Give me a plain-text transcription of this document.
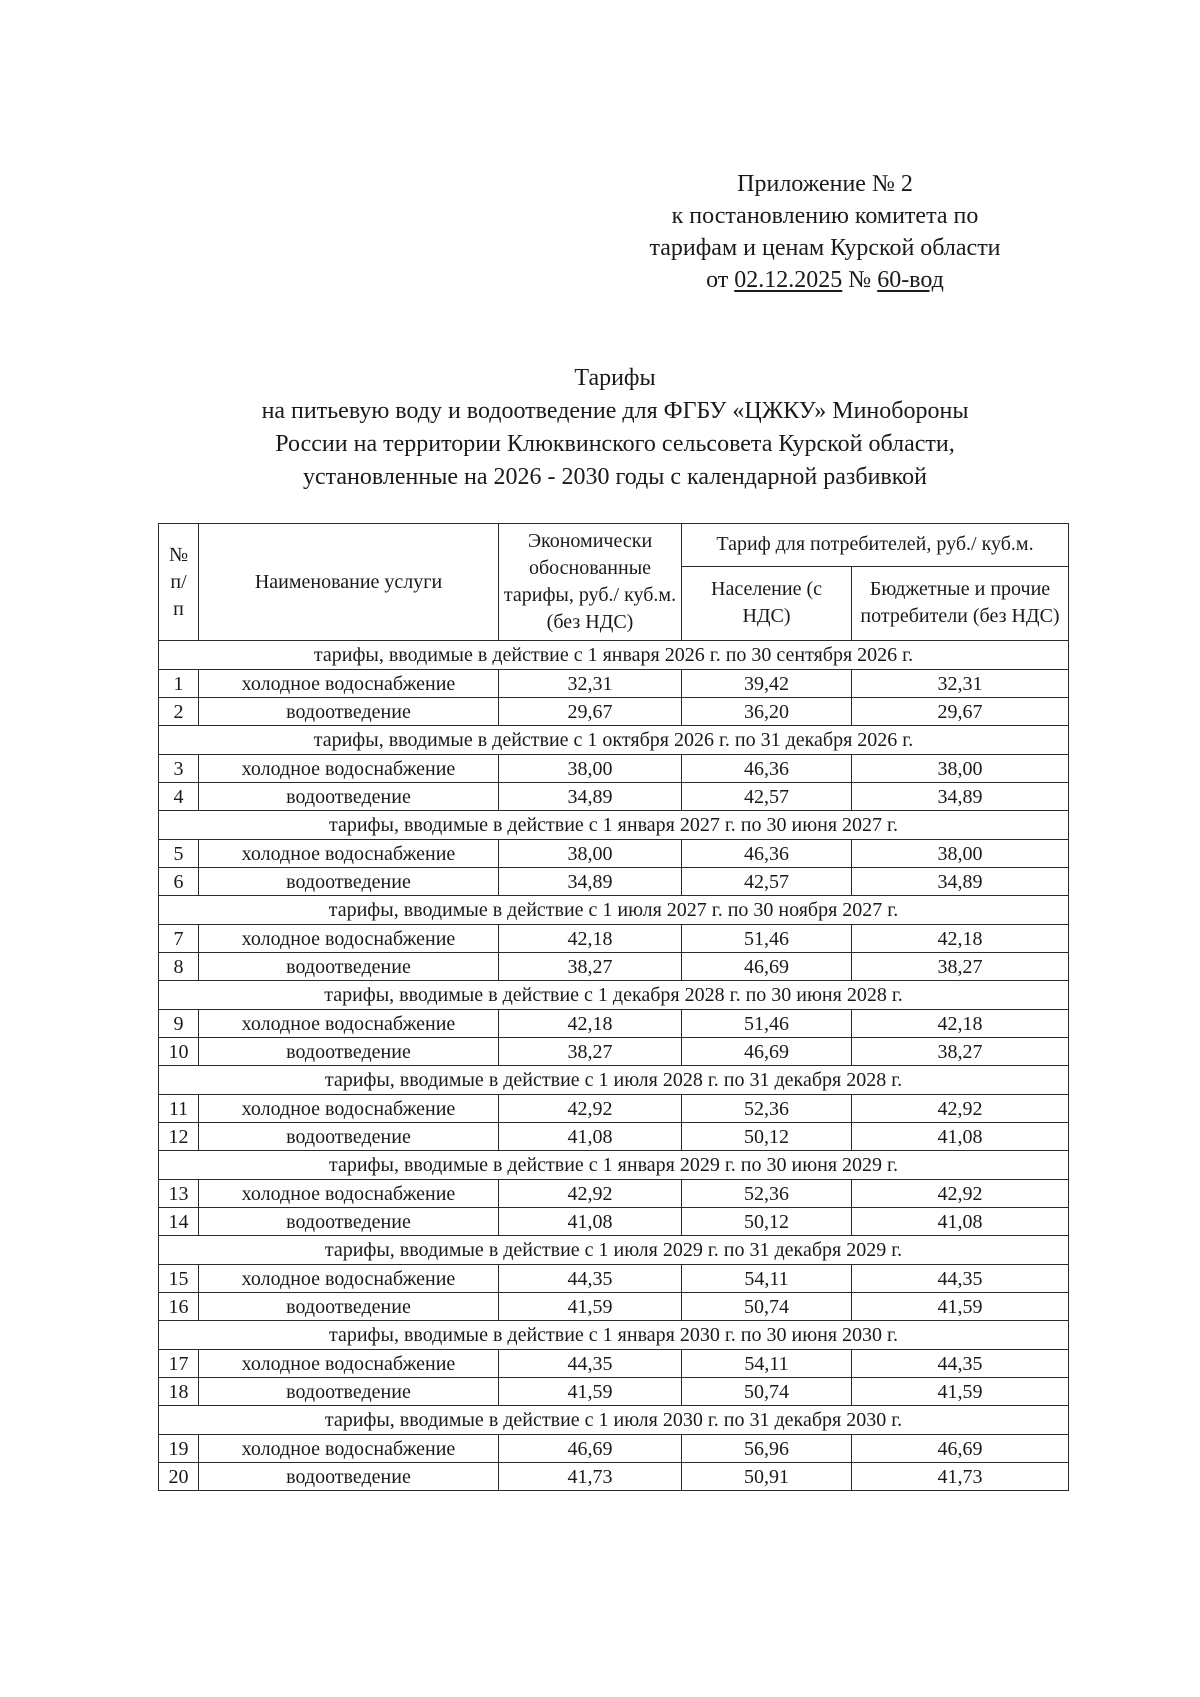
Приложение № 2
к постановлению комитета по
тарифам и ценам Курской области
от 02.12.2025 № 60-вод
Тарифы
на питьевую воду и водоотведение для ФГБУ «ЦЖКУ» Минобороны
России на территории Клюквинского сельсовета Курской области,
установленные на 2026 - 2030 годы с календарной разбивкой
№ п/ п	Наименование услуги	Экономически обоснованные тарифы, руб./ куб.м. (без НДС)	Тариф для потребителей, руб./ куб.м.	
			Население (с НДС)	Бюджетные и прочие потребители (без НДС)
тарифы, вводимые в действие с 1 января 2026 г. по 30 сентября 2026 г.				
1	холодное водоснабжение	32,31	39,42	32,31
2	водоотведение	29,67	36,20	29,67
тарифы, вводимые в действие с 1 октября 2026 г. по 31 декабря 2026 г.				
3	холодное водоснабжение	38,00	46,36	38,00
4	водоотведение	34,89	42,57	34,89
тарифы, вводимые в действие с 1 января 2027 г. по 30 июня 2027 г.				
5	холодное водоснабжение	38,00	46,36	38,00
6	водоотведение	34,89	42,57	34,89
тарифы, вводимые в действие с 1 июля 2027 г. по 30 ноября 2027 г.				
7	холодное водоснабжение	42,18	51,46	42,18
8	водоотведение	38,27	46,69	38,27
тарифы, вводимые в действие с 1 декабря 2028 г. по 30 июня 2028 г.				
9	холодное водоснабжение	42,18	51,46	42,18
10	водоотведение	38,27	46,69	38,27
тарифы, вводимые в действие с 1 июля 2028 г. по 31 декабря 2028 г.				
11	холодное водоснабжение	42,92	52,36	42,92
12	водоотведение	41,08	50,12	41,08
тарифы, вводимые в действие с 1 января 2029 г. по 30 июня 2029 г.				
13	холодное водоснабжение	42,92	52,36	42,92
14	водоотведение	41,08	50,12	41,08
тарифы, вводимые в действие с 1 июля 2029 г. по 31 декабря 2029 г.				
15	холодное водоснабжение	44,35	54,11	44,35
16	водоотведение	41,59	50,74	41,59
тарифы, вводимые в действие с 1 января 2030 г. по 30 июня 2030 г.				
17	холодное водоснабжение	44,35	54,11	44,35
18	водоотведение	41,59	50,74	41,59
тарифы, вводимые в действие с 1 июля 2030 г. по 31 декабря 2030 г.				
19	холодное водоснабжение	46,69	56,96	46,69
20	водоотведение	41,73	50,91	41,73
